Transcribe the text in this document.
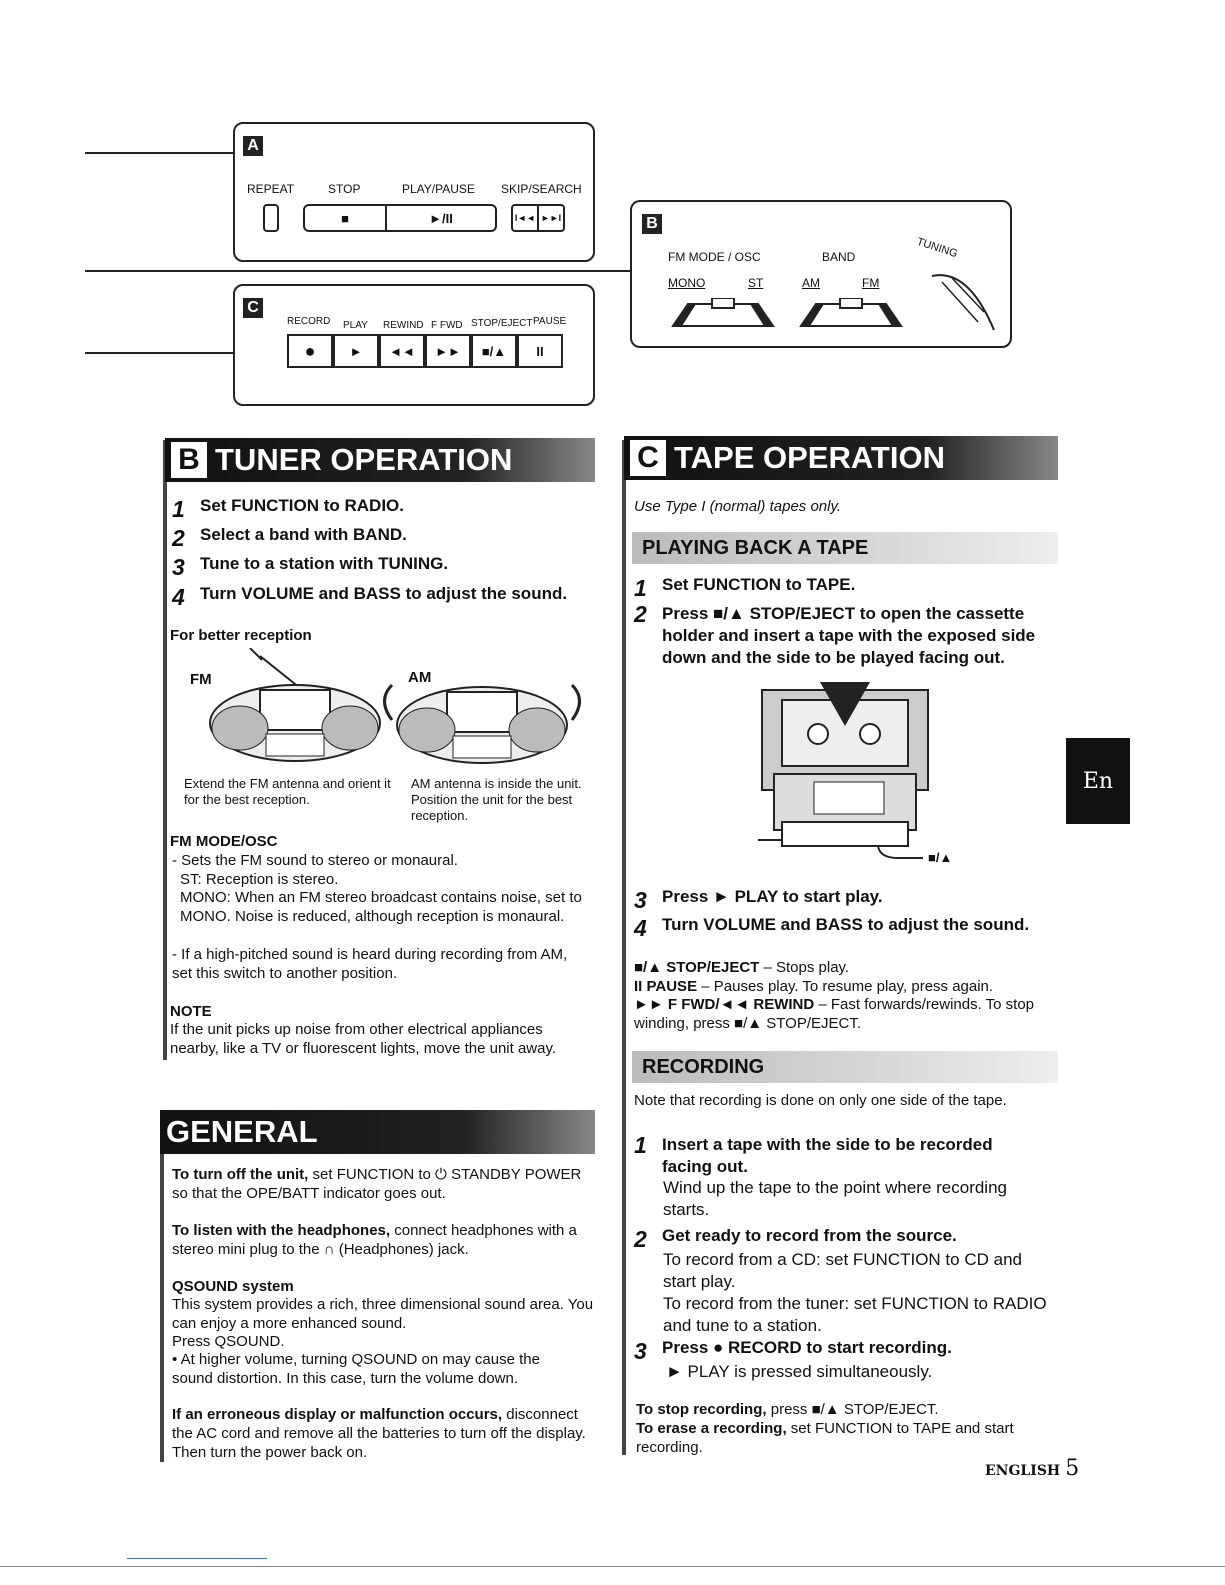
A
REPEAT	STOP	PLAY/PAUSE SKIP/SEARCH
■	►/II	I◄◄ ►►I	B
FM MODE / OSC	BAND	TUNING
MONO	ST	AM	FM
C
RECORD PLAY REWIND F FWD STOP/EJECT PAUSE
●	►	◄◄	►►	■/▲	II
B TUNER OPERATION
1 Set FUNCTION to RADIO.
2 Select a band with BAND.
3 Tune to a station with TUNING.
4 Turn VOLUME and BASS to adjust the sound.
For better reception
FM	AM
Extend the FM antenna and orient it for the best reception.
AM antenna is inside the unit. Position the unit for the best reception.
FM MODE/OSC
- Sets the FM sound to stereo or monaural.
ST: Reception is stereo.
MONO: When an FM stereo broadcast contains noise, set to MONO. Noise is reduced, although reception is monaural.
- If a high-pitched sound is heard during recording from AM, set this switch to another position.
NOTE
If the unit picks up noise from other electrical appliances nearby, like a TV or fluorescent lights, move the unit away.
GENERAL
To turn off the unit, set FUNCTION to ⏻ STANDBY POWER so that the OPE/BATT indicator goes out.
To listen with the headphones, connect headphones with a stereo mini plug to the ∩ (Headphones) jack.
QSOUND system
This system provides a rich, three dimensional sound area. You can enjoy a more enhanced sound.
Press QSOUND.
• At higher volume, turning QSOUND on may cause the sound distortion. In this case, turn the volume down.
If an erroneous display or malfunction occurs, disconnect the AC cord and remove all the batteries to turn off the display. Then turn the power back on.
C TAPE OPERATION
Use Type I (normal) tapes only.
PLAYING BACK A TAPE
1 Set FUNCTION to TAPE.
2 Press ■/▲ STOP/EJECT to open the cassette holder and insert a tape with the exposed side down and the side to be played facing out.
■/▲
3 Press ► PLAY to start play.
4 Turn VOLUME and BASS to adjust the sound.
■/▲ STOP/EJECT – Stops play.
II PAUSE – Pauses play. To resume play, press again.
►► F FWD/◄◄ REWIND – Fast forwards/rewinds. To stop winding, press ■/▲ STOP/EJECT.
RECORDING
Note that recording is done on only one side of the tape.
1 Insert a tape with the side to be recorded facing out.
Wind up the tape to the point where recording starts.
2 Get ready to record from the source.
To record from a CD: set FUNCTION to CD and start play.
To record from the tuner: set FUNCTION to RADIO and tune to a station.
3 Press ● RECORD to start recording.
► PLAY is pressed simultaneously.
To stop recording, press ■/▲ STOP/EJECT.
To erase a recording, set FUNCTION to TAPE and start recording.
En
ENGLISH 5
